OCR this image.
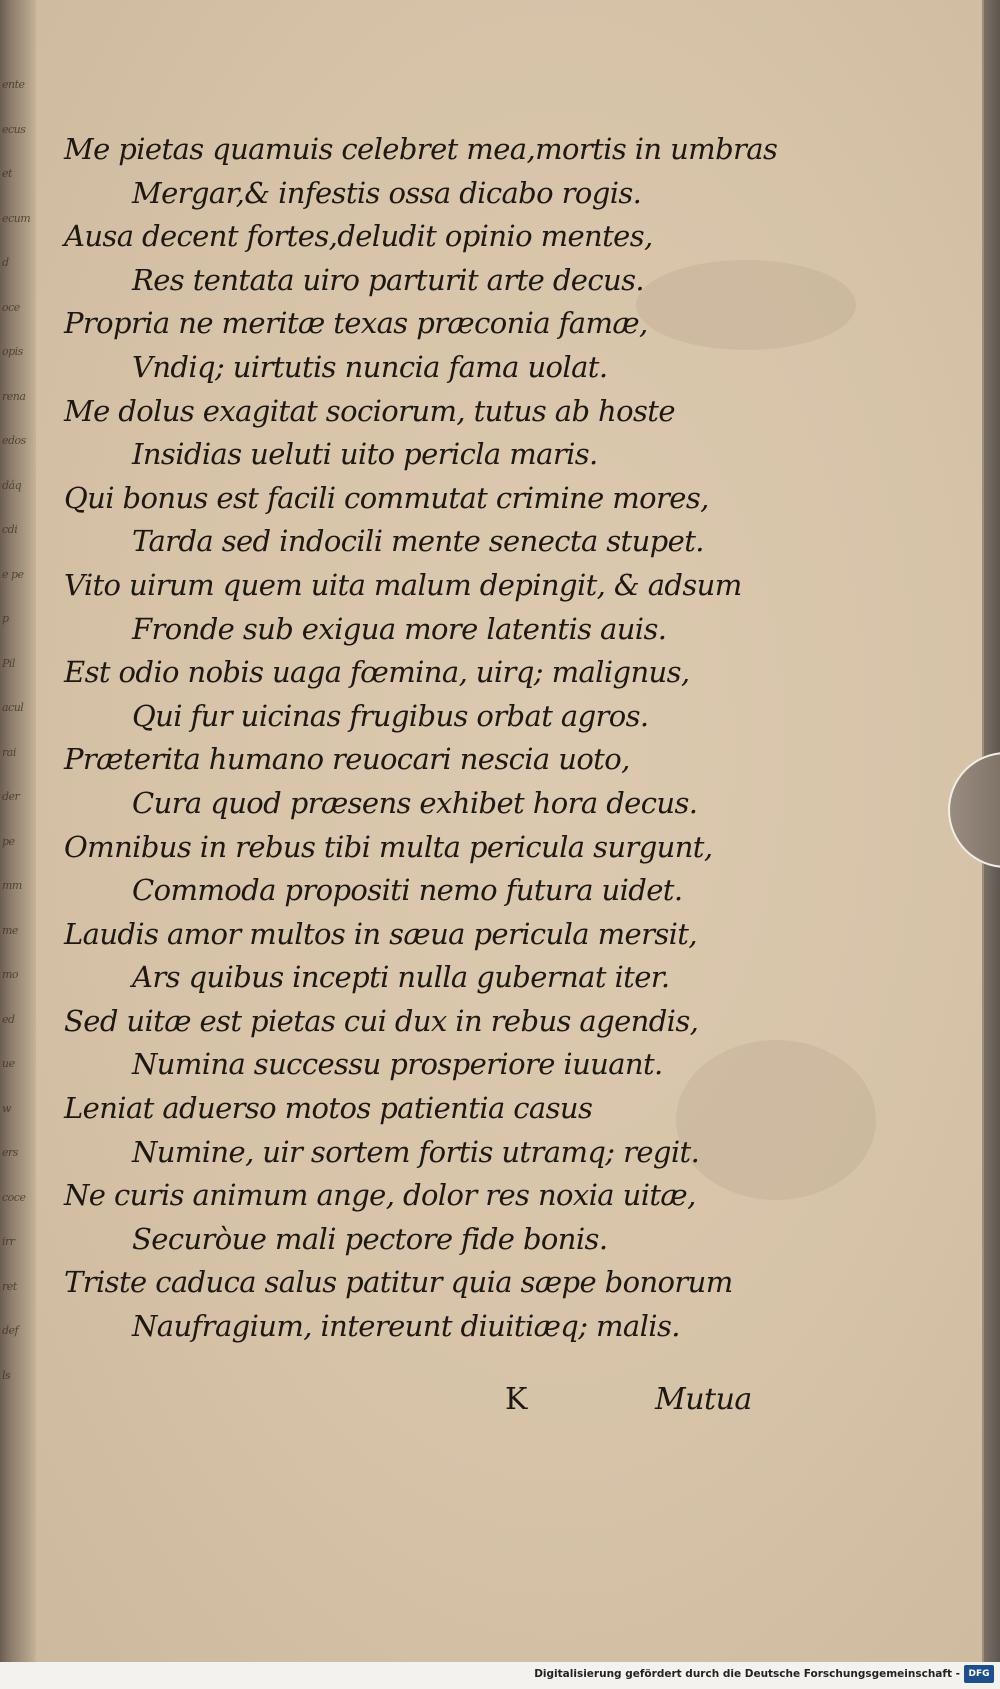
ente
ecus
et
ecum
d
oce
opis
rena
edos
dáq
cdi
e pe
p
Pil
acul
rai
der
pe
mm
me
mo
ed
ue
w
ers
coce
irr
ret
def
ls
Me pietas quamuis celebret mea,mortis in umbras
Mergar,& infestis ossa dicabo rogis.
Ausa decent fortes,deludit opinio mentes,
Res tentata uiro parturit arte decus.
Propria ne meritæ texas præconia famæ,
Vndiq; uirtutis nuncia fama uolat.
Me dolus exagitat sociorum, tutus ab hoste
Insidias ueluti uito pericla maris.
Qui bonus est facili commutat crimine mores,
Tarda sed indocili mente senecta stupet.
Vito uirum quem uita malum depingit, & adsum
Fronde sub exigua more latentis auis.
Est odio nobis uaga fœmina, uirq; malignus,
Qui fur uicinas frugibus orbat agros.
Præterita humano reuocari nescia uoto,
Cura quod præsens exhibet hora decus.
Omnibus in rebus tibi multa pericula surgunt,
Commoda propositi nemo futura uidet.
Laudis amor multos in sæua pericula mersit,
Ars quibus incepti nulla gubernat iter.
Sed uitæ est pietas cui dux in rebus agendis,
Numina successu prosperiore iuuant.
Leniat aduerso motos patientia casus
Numine, uir sortem fortis utramq; regit.
Ne curis animum ange, dolor res noxia uitæ,
Securòue mali pectore fide bonis.
Triste caduca salus patitur quia sæpe bonorum
Naufragium, intereunt diuitiæq; malis.
K	Mutua
Digitalisierung gefördert durch die Deutsche Forschungsgemeinschaft - DFG
